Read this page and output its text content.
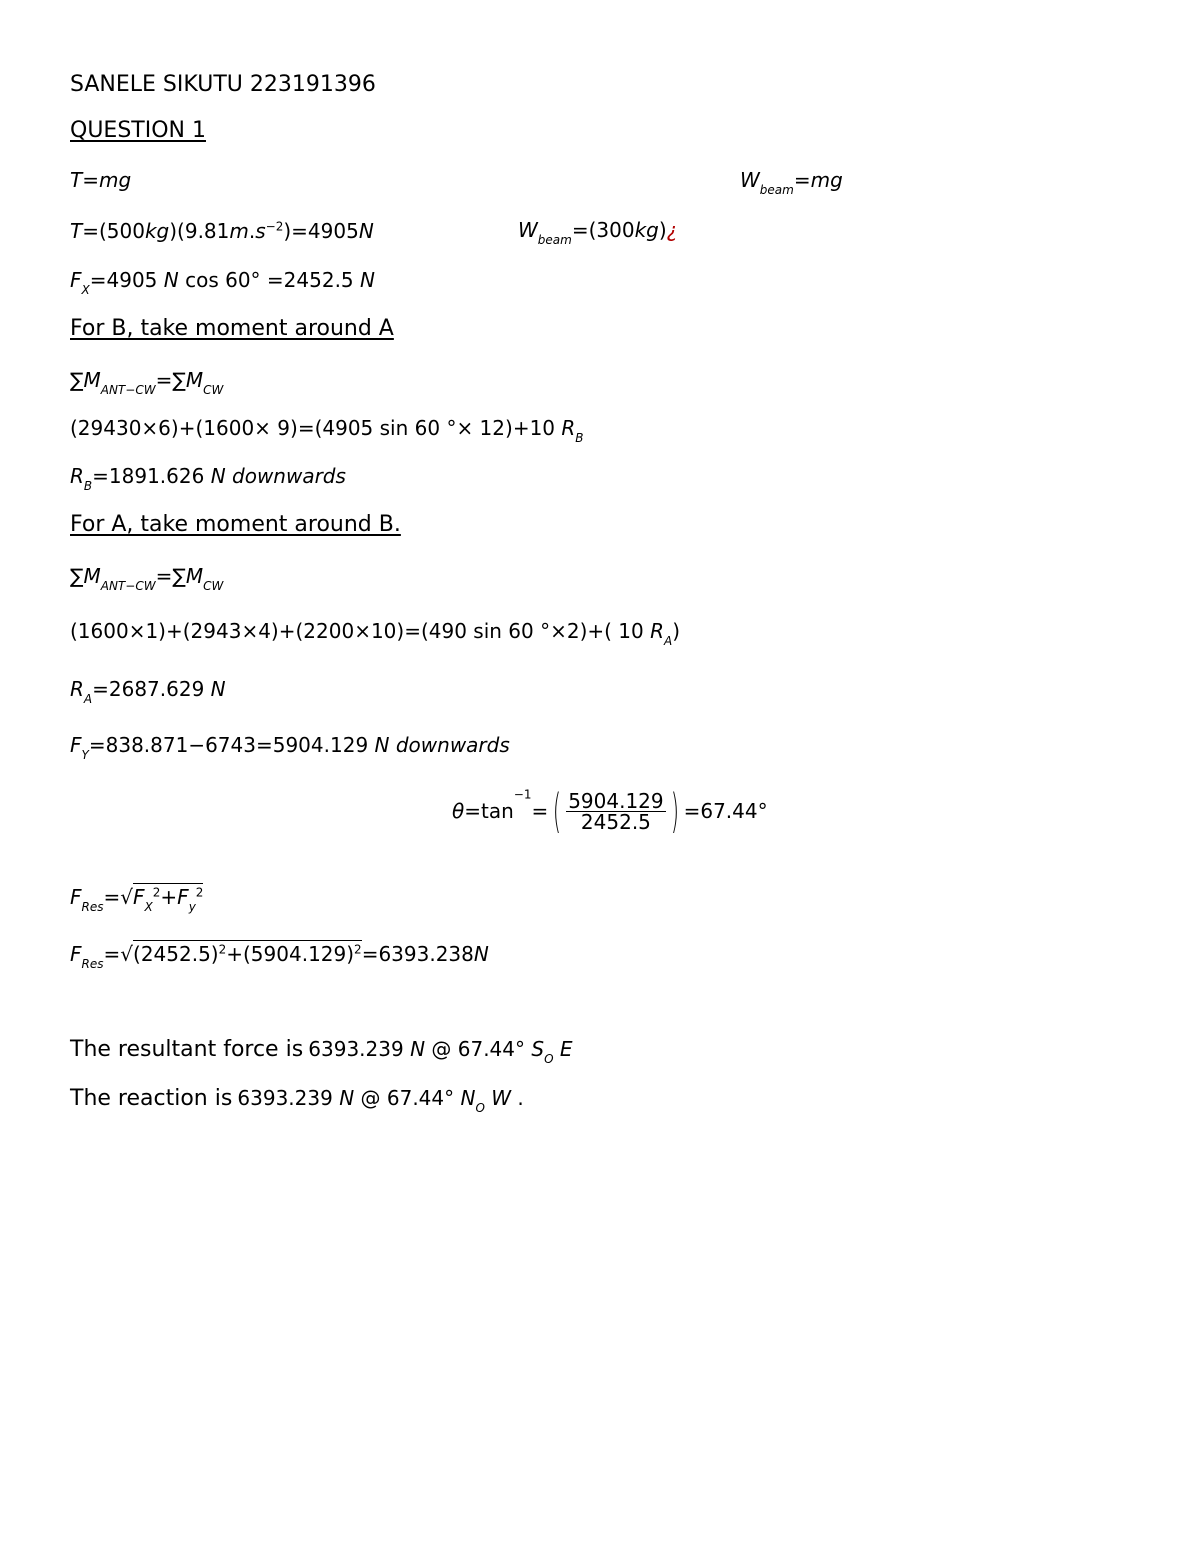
SANELE SIKUTU 223191396
QUESTION 1
T=mg	$W_{beam}=mg$
$T=(500kg)(9.81m.s^{-2})=4905N$	$W_{beam}=(300kg)¿$
$F_X=4905$ N cos 60° =2452.5 N
For B, take moment around A
$\sum M_{ANT-CW}=\sum M_{CW}$
(29430×6)+(1600× 9)=(4905 sin 60 °× 12)+10 $R_B$
$R_B=1891.626$ N downwards
For A, take moment around B.
$\sum M_{ANT-CW}=\sum M_{CW}$
(1600×1)+(2943×4)+(2200×10)=(490 sin 60 °×2)+( 10 $R_A$)
$R_A=2687.629$ N
$F_Y=838.871-6743=5904.129$ N downwards
$\theta=\tan^{-1}=$ ( $\frac{5904.129}{2452.5}$ ) =67.44°
$F_{Res}=√F_X^2+F_y^2$
$F_{Res}=√(2452.5)^2+(5904.129)^2=6393.238N$
The resultant force is 6393.239 N @ 67.44° $S_O$ E
The reaction is 6393.239 N @ 67.44° $N_O$ W .
